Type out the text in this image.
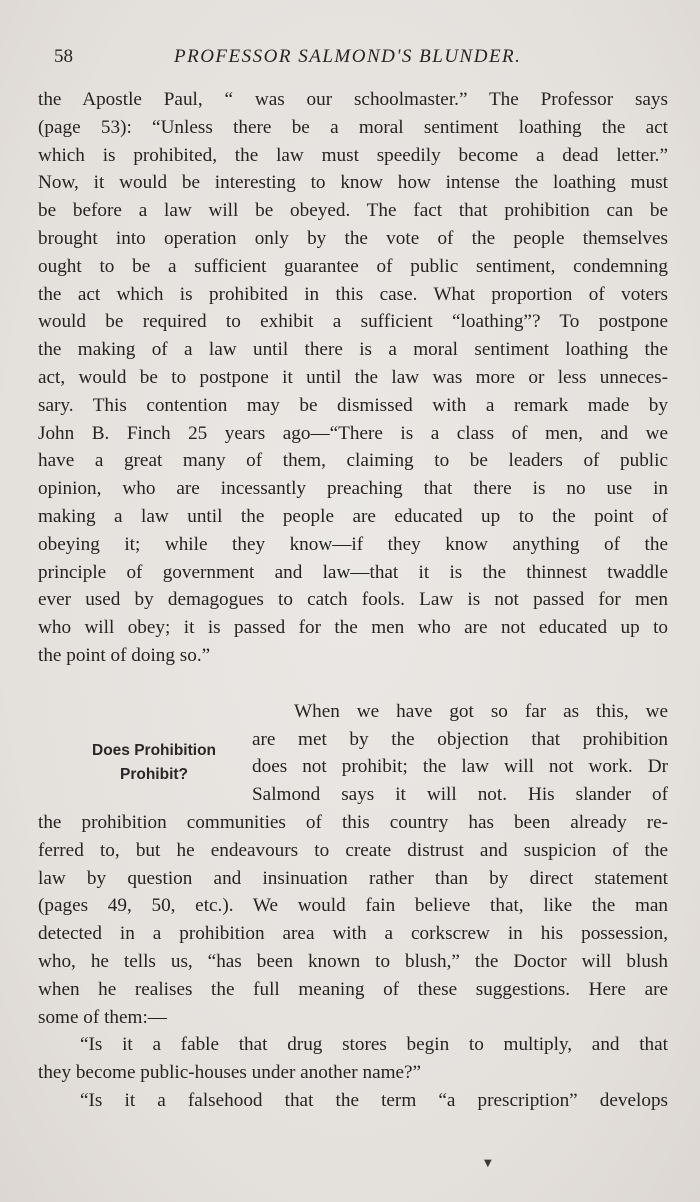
58	PROFESSOR SALMOND'S BLUNDER.
the Apostle Paul, “ was our schoolmaster.” The Professor says
(page 53): “Unless there be a moral sentiment loathing the act
which is prohibited, the law must speedily become a dead letter.”
Now, it would be interesting to know how intense the loathing must
be before a law will be obeyed. The fact that prohibition can be
brought into operation only by the vote of the people themselves
ought to be a sufficient guarantee of public sentiment, condemning
the act which is prohibited in this case. What proportion of voters
would be required to exhibit a sufficient “loathing”? To postpone
the making of a law until there is a moral sentiment loathing the
act, would be to postpone it until the law was more or less unneces-
sary. This contention may be dismissed with a remark made by
John B. Finch 25 years ago—“There is a class of men, and we
have a great many of them, claiming to be leaders of public
opinion, who are incessantly preaching that there is no use in
making a law until the people are educated up to the point of
obeying it; while they know—if they know anything of the
principle of government and law—that it is the thinnest twaddle
ever used by demagogues to catch fools. Law is not passed for men
who will obey; it is passed for the men who are not educated up to
the point of doing so.”
Does Prohibition
Prohibit?
When we have got so far as this, we
are met by the objection that prohibition
does not prohibit; the law will not work. Dr
Salmond says it will not. His slander of
the prohibition communities of this country has been already re-
ferred to, but he endeavours to create distrust and suspicion of the
law by question and insinuation rather than by direct statement
(pages 49, 50, etc.). We would fain believe that, like the man
detected in a prohibition area with a corkscrew in his possession,
who, he tells us, “has been known to blush,” the Doctor will blush
when he realises the full meaning of these suggestions. Here are
some of them:—
“Is it a fable that drug stores begin to multiply, and that
they become public-houses under another name?”
“Is it a falsehood that the term “a prescription” develops
▼
